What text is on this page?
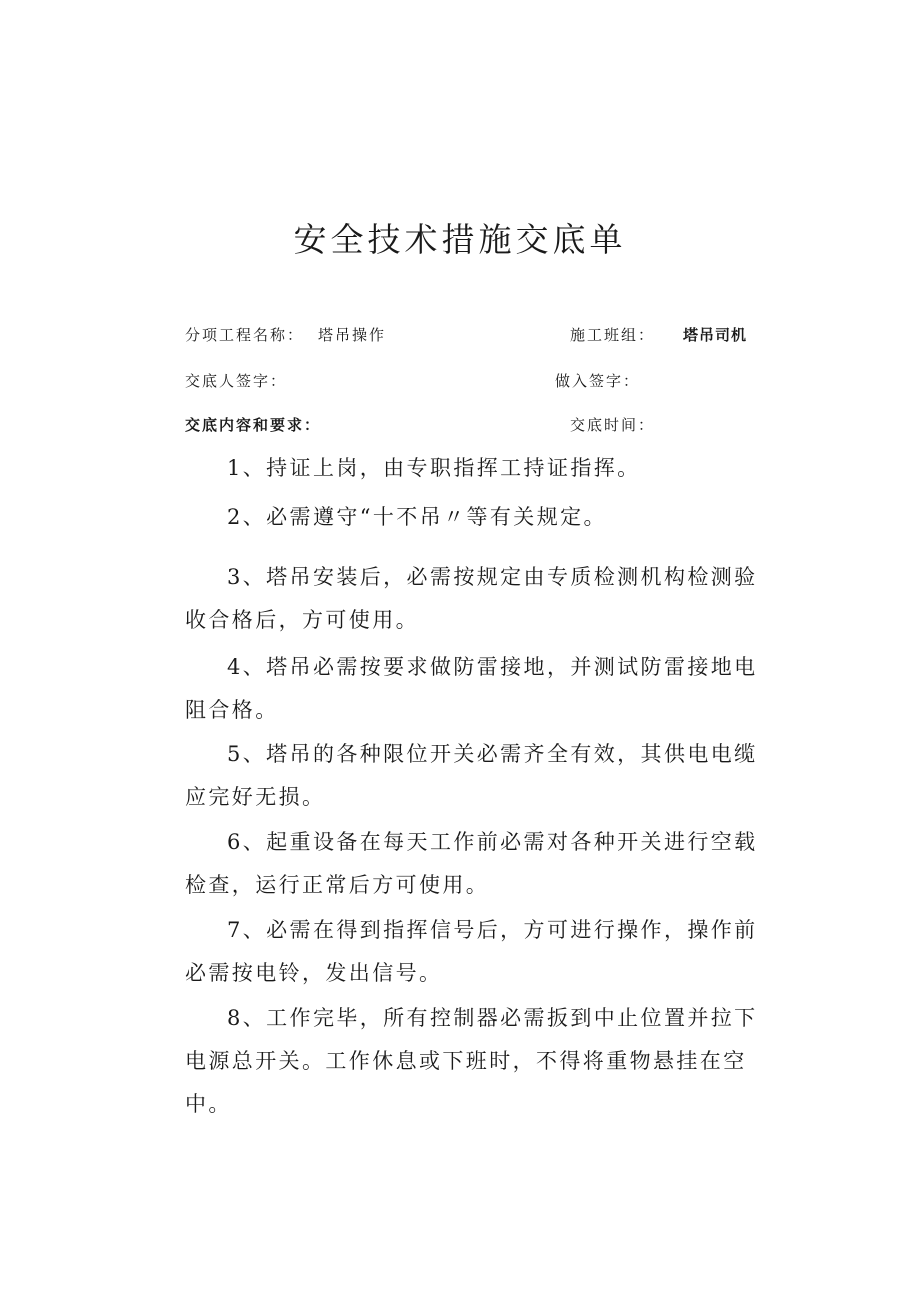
安全技术措施交底单
分项工程名称： 塔吊操作	施工班组： 塔吊司机
交底人签字：	做入签字：
交底内容和要求：	交底时间：

1、持证上岗，由专职指挥工持证指挥。

2、必需遵守“十不吊〃等有关规定。

3、塔吊安装后，必需按规定由专质检测机构检测验 收合格后，方可使用。

4、塔吊必需按要求做防雷接地，并测试防雷接地电 阻合格。

5、塔吊的各种限位开关必需齐全有效，其供电电缆 应完好无损。

6、起重设备在每天工作前必需对各种开关进行空载 检查，运行正常后方可使用。

7、必需在得到指挥信号后，方可进行操作，操作前 必需按电铃，发出信号。

8、工作完毕，所有控制器必需扳到中止位置并拉下 电源总开关。工作休息或下班时，不得将重物悬挂在空 中。
